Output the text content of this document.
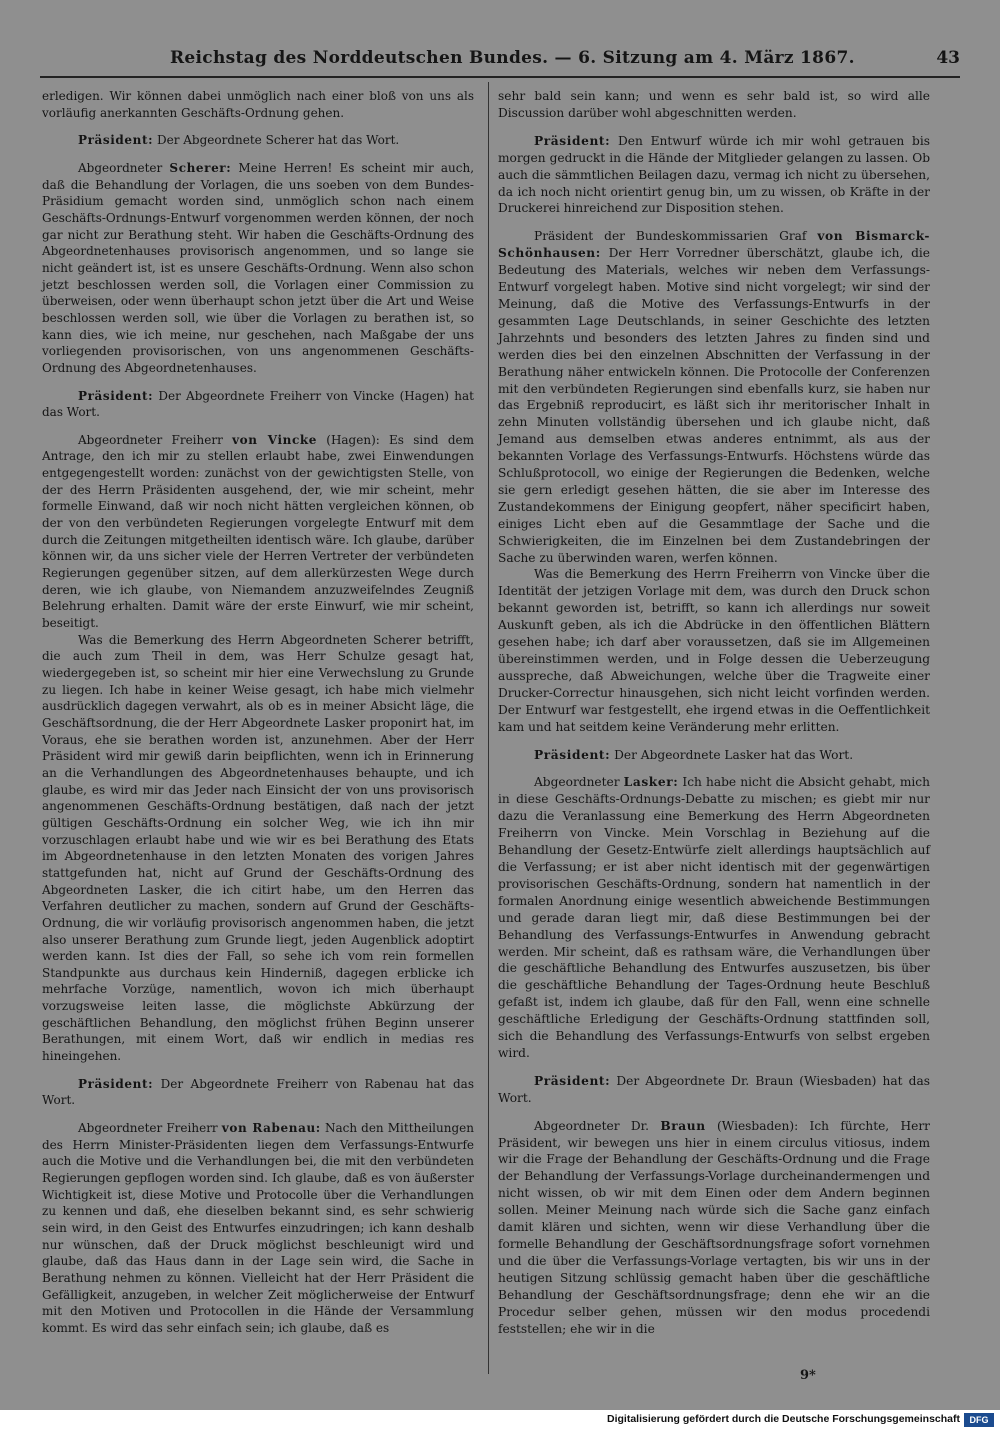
Reichstag des Norddeutschen Bundes. — 6. Sitzung am 4. März 1867.	43

erledigen. Wir können dabei unmöglich nach einer bloß von uns als vorläufig anerkannten Geschäfts-Ordnung gehen.

Präsident: Der Abgeordnete Scherer hat das Wort.

Abgeordneter Scherer: Meine Herren! Es scheint mir auch, daß die Behandlung der Vorlagen, die uns soeben von dem Bundes-Präsidium gemacht worden sind, unmöglich schon nach einem Geschäfts-Ordnungs-Entwurf vorgenommen werden können, der noch gar nicht zur Berathung steht. Wir haben die Geschäfts-Ordnung des Abgeordnetenhauses provisorisch angenommen, und so lange sie nicht geändert ist, ist es unsere Geschäfts-Ordnung. Wenn also schon jetzt beschlossen werden soll, die Vorlagen einer Commission zu überweisen, oder wenn überhaupt schon jetzt über die Art und Weise beschlossen werden soll, wie über die Vorlagen zu berathen ist, so kann dies, wie ich meine, nur geschehen, nach Maßgabe der uns vorliegenden provisorischen, von uns angenommenen Geschäfts-Ordnung des Abgeordnetenhauses.

Präsident: Der Abgeordnete Freiherr von Vincke (Hagen) hat das Wort.

Abgeordneter Freiherr von Vincke (Hagen): Es sind dem Antrage, den ich mir zu stellen erlaubt habe, zwei Einwendungen entgegengestellt worden: zunächst von der gewichtigsten Stelle, von der des Herrn Präsidenten ausgehend, der, wie mir scheint, mehr formelle Einwand, daß wir noch nicht hätten vergleichen können, ob der von den verbündeten Regierungen vorgelegte Entwurf mit dem durch die Zeitungen mitgetheilten identisch wäre. Ich glaube, darüber können wir, da uns sicher viele der Herren Vertreter der verbündeten Regierungen gegenüber sitzen, auf dem allerkürzesten Wege durch deren, wie ich glaube, von Niemandem anzuzweifelndes Zeugniß Belehrung erhalten. Damit wäre der erste Einwurf, wie mir scheint, beseitigt.

Was die Bemerkung des Herrn Abgeordneten Scherer betrifft, die auch zum Theil in dem, was Herr Schulze gesagt hat, wiedergegeben ist, so scheint mir hier eine Verwechslung zu Grunde zu liegen. Ich habe in keiner Weise gesagt, ich habe mich vielmehr ausdrücklich dagegen verwahrt, als ob es in meiner Absicht läge, die Geschäftsordnung, die der Herr Abgeordnete Lasker proponirt hat, im Voraus, ehe sie berathen worden ist, anzunehmen. Aber der Herr Präsident wird mir gewiß darin beipflichten, wenn ich in Erinnerung an die Verhandlungen des Abgeordnetenhauses behaupte, und ich glaube, es wird mir das Jeder nach Einsicht der von uns provisorisch angenommenen Geschäfts-Ordnung bestätigen, daß nach der jetzt gültigen Geschäfts-Ordnung ein solcher Weg, wie ich ihn mir vorzuschlagen erlaubt habe und wie wir es bei Berathung des Etats im Abgeordnetenhause in den letzten Monaten des vorigen Jahres stattgefunden hat, nicht auf Grund der Geschäfts-Ordnung des Abgeordneten Lasker, die ich citirt habe, um den Herren das Verfahren deutlicher zu machen, sondern auf Grund der Geschäfts-Ordnung, die wir vorläufig provisorisch angenommen haben, die jetzt also unserer Berathung zum Grunde liegt, jeden Augenblick adoptirt werden kann. Ist dies der Fall, so sehe ich vom rein formellen Standpunkte aus durchaus kein Hinderniß, dagegen erblicke ich mehrfache Vorzüge, namentlich, wovon ich mich überhaupt vorzugsweise leiten lasse, die möglichste Abkürzung der geschäftlichen Behandlung, den möglichst frühen Beginn unserer Berathungen, mit einem Wort, daß wir endlich in medias res hineingehen.

Präsident: Der Abgeordnete Freiherr von Rabenau hat das Wort.

Abgeordneter Freiherr von Rabenau: Nach den Mittheilungen des Herrn Minister-Präsidenten liegen dem Verfassungs-Entwurfe auch die Motive und die Verhandlungen bei, die mit den verbündeten Regierungen gepflogen worden sind. Ich glaube, daß es von äußerster Wichtigkeit ist, diese Motive und Protocolle über die Verhandlungen zu kennen und daß, ehe dieselben bekannt sind, es sehr schwierig sein wird, in den Geist des Entwurfes einzudringen; ich kann deshalb nur wünschen, daß der Druck möglichst beschleunigt wird und glaube, daß das Haus dann in der Lage sein wird, die Sache in Berathung nehmen zu können. Vielleicht hat der Herr Präsident die Gefälligkeit, anzugeben, in welcher Zeit möglicherweise der Entwurf mit den Motiven und Protocollen in die Hände der Versammlung kommt. Es wird das sehr einfach sein; ich glaube, daß es

sehr bald sein kann; und wenn es sehr bald ist, so wird alle Discussion darüber wohl abgeschnitten werden.

Präsident: Den Entwurf würde ich mir wohl getrauen bis morgen gedruckt in die Hände der Mitglieder gelangen zu lassen. Ob auch die sämmtlichen Beilagen dazu, vermag ich nicht zu übersehen, da ich noch nicht orientirt genug bin, um zu wissen, ob Kräfte in der Druckerei hinreichend zur Disposition stehen.

Präsident der Bundeskommissarien Graf von Bismarck-Schönhausen: Der Herr Vorredner überschätzt, glaube ich, die Bedeutung des Materials, welches wir neben dem Verfassungs-Entwurf vorgelegt haben. Motive sind nicht vorgelegt; wir sind der Meinung, daß die Motive des Verfassungs-Entwurfs in der gesammten Lage Deutschlands, in seiner Geschichte des letzten Jahrzehnts und besonders des letzten Jahres zu finden sind und werden dies bei den einzelnen Abschnitten der Verfassung in der Berathung näher entwickeln können. Die Protocolle der Conferenzen mit den verbündeten Regierungen sind ebenfalls kurz, sie haben nur das Ergebniß reproducirt, es läßt sich ihr meritorischer Inhalt in zehn Minuten vollständig übersehen und ich glaube nicht, daß Jemand aus demselben etwas anderes entnimmt, als aus der bekannten Vorlage des Verfassungs-Entwurfs. Höchstens würde das Schlußprotocoll, wo einige der Regierungen die Bedenken, welche sie gern erledigt gesehen hätten, die sie aber im Interesse des Zustandekommens der Einigung geopfert, näher specificirt haben, einiges Licht eben auf die Gesammtlage der Sache und die Schwierigkeiten, die im Einzelnen bei dem Zustandebringen der Sache zu überwinden waren, werfen können.

Was die Bemerkung des Herrn Freiherrn von Vincke über die Identität der jetzigen Vorlage mit dem, was durch den Druck schon bekannt geworden ist, betrifft, so kann ich allerdings nur soweit Auskunft geben, als ich die Abdrücke in den öffentlichen Blättern gesehen habe; ich darf aber voraussetzen, daß sie im Allgemeinen übereinstimmen werden, und in Folge dessen die Ueberzeugung ausspreche, daß Abweichungen, welche über die Tragweite einer Drucker-Correctur hinausgehen, sich nicht leicht vorfinden werden. Der Entwurf war festgestellt, ehe irgend etwas in die Oeffentlichkeit kam und hat seitdem keine Veränderung mehr erlitten.

Präsident: Der Abgeordnete Lasker hat das Wort.

Abgeordneter Lasker: Ich habe nicht die Absicht gehabt, mich in diese Geschäfts-Ordnungs-Debatte zu mischen; es giebt mir nur dazu die Veranlassung eine Bemerkung des Herrn Abgeordneten Freiherrn von Vincke. Mein Vorschlag in Beziehung auf die Behandlung der Gesetz-Entwürfe zielt allerdings hauptsächlich auf die Verfassung; er ist aber nicht identisch mit der gegenwärtigen provisorischen Geschäfts-Ordnung, sondern hat namentlich in der formalen Anordnung einige wesentlich abweichende Bestimmungen und gerade daran liegt mir, daß diese Bestimmungen bei der Behandlung des Verfassungs-Entwurfes in Anwendung gebracht werden. Mir scheint, daß es rathsam wäre, die Verhandlungen über die geschäftliche Behandlung des Entwurfes auszusetzen, bis über die geschäftliche Behandlung der Tages-Ordnung heute Beschluß gefaßt ist, indem ich glaube, daß für den Fall, wenn eine schnelle geschäftliche Erledigung der Geschäfts-Ordnung stattfinden soll, sich die Behandlung des Verfassungs-Entwurfs von selbst ergeben wird.

Präsident: Der Abgeordnete Dr. Braun (Wiesbaden) hat das Wort.

Abgeordneter Dr. Braun (Wiesbaden): Ich fürchte, Herr Präsident, wir bewegen uns hier in einem circulus vitiosus, indem wir die Frage der Behandlung der Geschäfts-Ordnung und die Frage der Behandlung der Verfassungs-Vorlage durcheinandermengen und nicht wissen, ob wir mit dem Einen oder dem Andern beginnen sollen. Meiner Meinung nach würde sich die Sache ganz einfach damit klären und sichten, wenn wir diese Verhandlung über die formelle Behandlung der Geschäftsordnungsfrage sofort vornehmen und die über die Verfassungs-Vorlage vertagten, bis wir uns in der heutigen Sitzung schlüssig gemacht haben über die geschäftliche Behandlung der Geschäftsordnungsfrage; denn ehe wir an die Procedur selber gehen, müssen wir den modus procedendi feststellen; ehe wir in die

9*
Digitalisierung gefördert durch die Deutsche Forschungsgemeinschaft	DFG
